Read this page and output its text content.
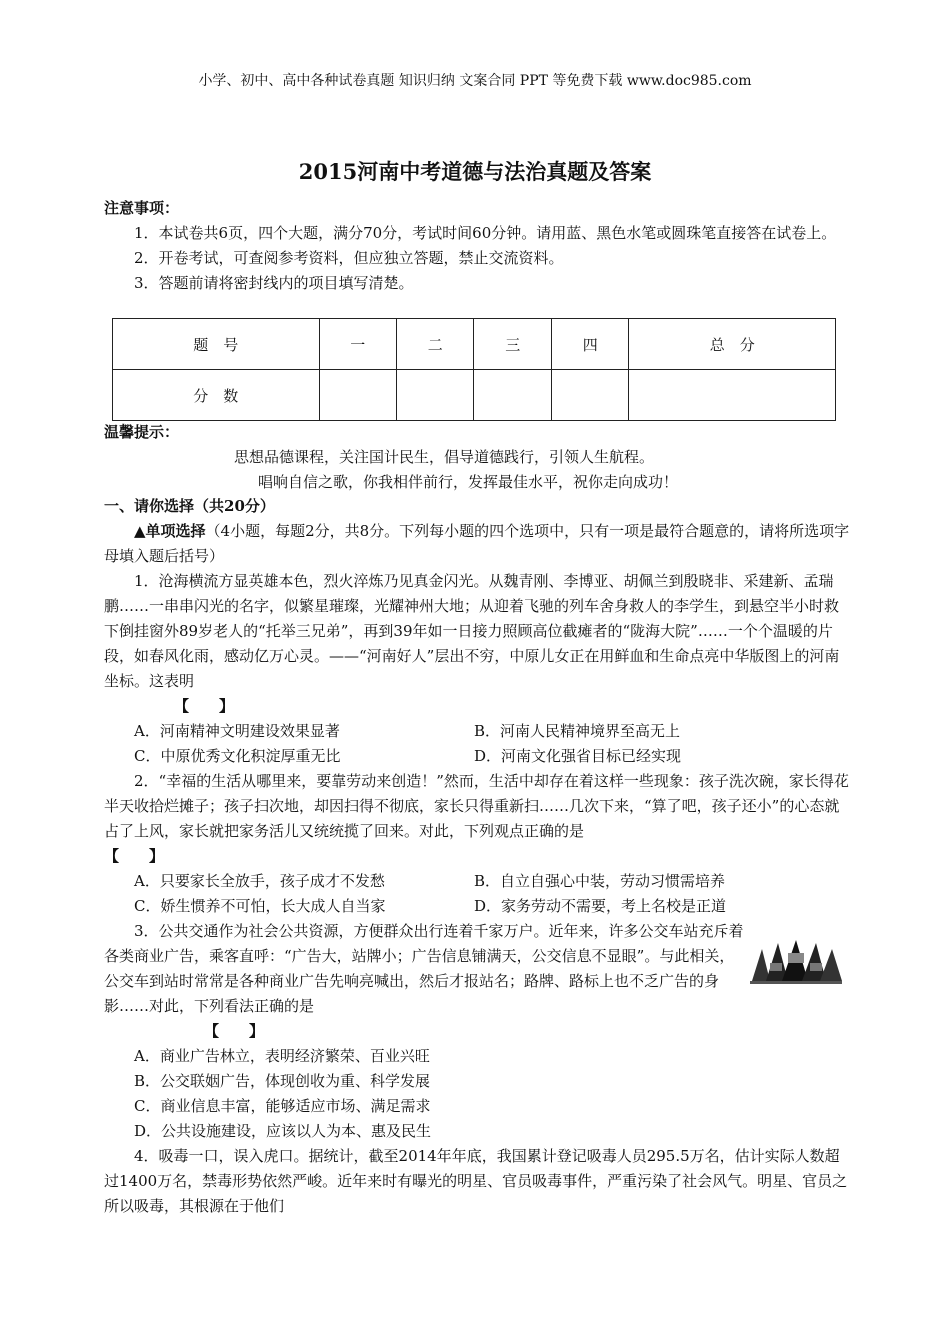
小学、初中、高中各种试卷真题 知识归纳 文案合同 PPT 等免费下载 www.doc985.com
2015河南中考道德与法治真题及答案

注意事项：

1．本试卷共6页，四个大题，满分70分，考试时间60分钟。请用蓝、黑色水笔或圆珠笔直接答在试卷上。

2．开卷考试，可查阅参考资料，但应独立答题，禁止交流资料。

3．答题前请将密封线内的项目填写清楚。

题　号	一	二	三	四	总　分
分　数					

温馨提示：

思想品德课程，关注国计民生，倡导道德践行，引领人生航程。

唱响自信之歌，你我相伴前行，发挥最佳水平，祝你走向成功！

一、请你选择（共20分）

▲单项选择（4小题，每题2分，共8分。下列每小题的四个选项中，只有一项是最符合题意的，请将所选项字母填入题后括号）

1．沧海横流方显英雄本色，烈火淬炼乃见真金闪光。从魏青刚、李博亚、胡佩兰到殷晓非、采建新、孟瑞鹏……一串串闪光的名字，似繁星璀璨，光耀神州大地；从迎着飞驰的列车舍身救人的李学生，到悬空半小时救下倒挂窗外89岁老人的“托举三兄弟”，再到39年如一日接力照顾高位截瘫者的“陇海大院”……一个个温暖的片段，如春风化雨，感动亿万心灵。——“河南好人”层出不穷，中原儿女正在用鲜血和生命点亮中华版图上的河南坐标。这表明

【　　】

A．河南精神文明建设效果显著	B．河南人民精神境界至高无上
C．中原优秀文化积淀厚重无比	D．河南文化强省目标已经实现

2．“幸福的生活从哪里来，要靠劳动来创造！”然而，生活中却存在着这样一些现象：孩子洗次碗，家长得花半天收拾烂摊子；孩子扫次地，却因扫得不彻底，家长只得重新扫……几次下来，“算了吧，孩子还小”的心态就占了上风，家长就把家务活儿又统统揽了回来。对此，下列观点正确的是

【　　】

A．只要家长全放手，孩子成才不发愁	B．自立自强心中装，劳动习惯需培养
C．娇生惯养不可怕，长大成人自当家	D．家务劳动不需要，考上名校是正道

3．公共交通作为社会公共资源，方便群众出行连着千家万户。近年来，许多公交车站充斥着各类商业广告，乘客直呼：“广告大，站牌小；广告信息铺满天，公交信息不显眼”。与此相关，公交车到站时常常是各种商业广告先响亮喊出，然后才报站名；路牌、路标上也不乏广告的身影……对此，下列看法正确的是

【　　】

A．商业广告林立，表明经济繁荣、百业兴旺

B．公交联姻广告，体现创收为重、科学发展

C．商业信息丰富，能够适应市场、满足需求

D．公共设施建设，应该以人为本、惠及民生

4．吸毒一口，误入虎口。据统计，截至2014年年底，我国累计登记吸毒人员295.5万名，估计实际人数超过1400万名，禁毒形势依然严峻。近年来时有曝光的明星、官员吸毒事件，严重污染了社会风气。明星、官员之所以吸毒，其根源在于他们
